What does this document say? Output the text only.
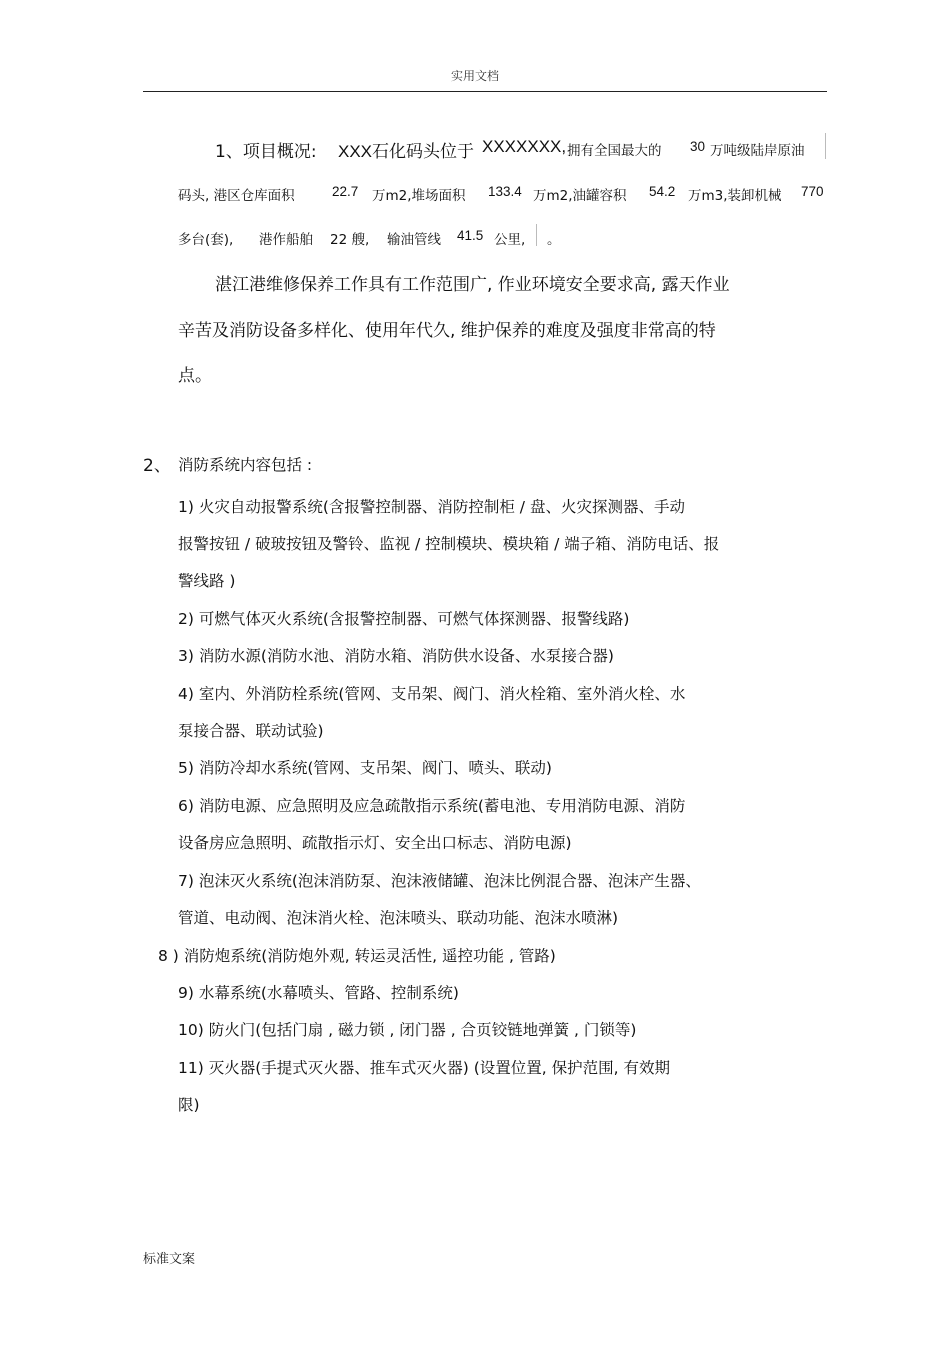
实用文档
1、项目概况: XXX石化码头位于 XXXXXXX, 拥有全国最大的 30 万吨级陆岸原油
码头, 港区仓库面积	22.7 万m2,堆场面积 133.4 万m2,油罐容积 54.2 万m3,装卸机械 770
多台(套), 港作船舶 22 艘, 输油管线 41.5 公里, 。
湛江港维修保养工作具有工作范围广, 作业环境安全要求高, 露天作业
辛苦及消防设备多样化、使用年代久, 维护保养的难度及强度非常高的特
点。
2、 消防系统内容包括 :
1) 火灾自动报警系统(含报警控制器、消防控制柜 / 盘、火灾探测器、手动
报警按钮 / 破玻按钮及警铃、监视 / 控制模块、模块箱 / 端子箱、消防电话、报
警线路 )
2) 可燃气体灭火系统(含报警控制器、可燃气体探测器、报警线路)
3) 消防水源(消防水池、消防水箱、消防供水设备、水泵接合器)
4) 室内、外消防栓系统(管网、支吊架、阀门、消火栓箱、室外消火栓、水
泵接合器、联动试验)
5) 消防冷却水系统(管网、支吊架、阀门、喷头、联动)
6) 消防电源、应急照明及应急疏散指示系统(蓄电池、专用消防电源、消防
设备房应急照明、疏散指示灯、安全出口标志、消防电源)
7) 泡沫灭火系统(泡沫消防泵、泡沫液储罐、泡沫比例混合器、泡沫产生器、
管道、电动阀、泡沫消火栓、泡沫喷头、联动功能、泡沫水喷淋)
8 ) 消防炮系统(消防炮外观, 转运灵活性, 遥控功能 , 管路)
9) 水幕系统(水幕喷头、管路、控制系统)
10) 防火门(包括门扇 , 磁力锁 , 闭门器 , 合页铰链地弹簧 , 门锁等)
11) 灭火器(手提式灭火器、推车式灭火器) (设置位置, 保护范围, 有效期
限)
标准文案
